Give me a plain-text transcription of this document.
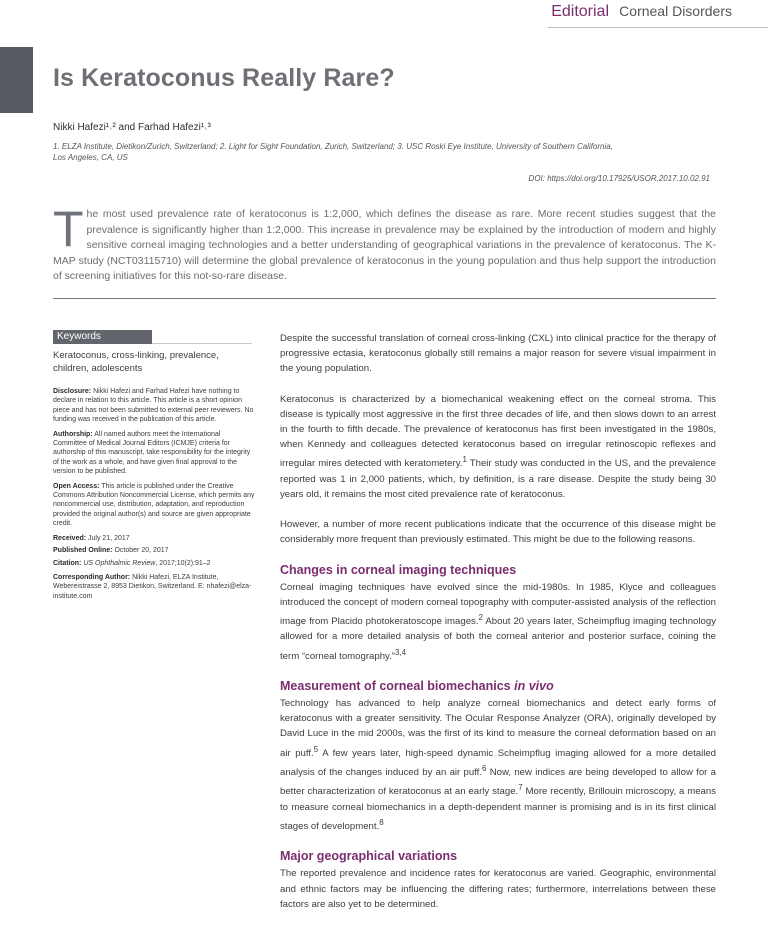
Editorial Corneal Disorders
Is Keratoconus Really Rare?
Nikki Hafezi¹˒² and Farhad Hafezi¹˒³
1. ELZA Institute, Dietikon/Zurich, Switzerland; 2. Light for Sight Foundation, Zurich, Switzerland; 3. USC Roski Eye Institute, University of Southern California, Los Angeles, CA, US
DOI: https://doi.org/10.17925/USOR.2017.10.02.91

The most used prevalence rate of keratoconus is 1:2,000, which defines the disease as rare. More recent studies suggest that the prevalence is significantly higher than 1:2,000. This increase in prevalence may be explained by the introduction of modern and highly sensitive corneal imaging technologies and a better understanding of geographical variations in the prevalence of keratoconus. The K-MAP study (NCT03115710) will determine the global prevalence of keratoconus in the young population and thus help support the introduction of screening initiatives for this not-so-rare disease.

Keywords
Keratoconus, cross-linking, prevalence, children, adolescents

Disclosure: Nikki Hafezi and Farhad Hafezi have nothing to declare in relation to this article. This article is a short opinion piece and has not been submitted to external peer reviewers. No funding was received in the publication of this article.

Authorship: All named authors meet the International Committee of Medical Journal Editors (ICMJE) criteria for authorship of this manuscript, take responsibility for the integrity of the work as a whole, and have given final approval to the version to be published.

Open Access: This article is published under the Creative Commons Attribution Noncommercial License, which permits any noncommercial use, distribution, adaptation, and reproduction provided the original author(s) and source are given appropriate credit.

Received: July 21, 2017

Published Online: October 20, 2017

Citation: US Ophthalmic Review, 2017;10(2):91–2

Corresponding Author: Nikki Hafezi, ELZA Institute, Webereistrasse 2, 8953 Dietikon, Switzerland. E: nhafezi@elza-institute.com

Despite the successful translation of corneal cross-linking (CXL) into clinical practice for the therapy of progressive ectasia, keratoconus globally still remains a major reason for severe visual impairment in the young population.

Keratoconus is characterized by a biomechanical weakening effect on the corneal stroma. This disease is typically most aggressive in the first three decades of life, and then slows down to an arrest in the fourth to fifth decade. The prevalence of keratoconus has first been investigated in the 1980s, when Kennedy and colleagues detected keratoconus based on irregular retinoscopic reflexes and irregular mires detected with keratometery.$^1$ Their study was conducted in the US, and the prevalence reported was 1 in 2,000 patients, which, by definition, is a rare disease. Despite the study being 30 years old, it remains the most cited prevalence rate of keratoconus.

However, a number of more recent publications indicate that the occurrence of this disease might be considerably more frequent than previously estimated. This might be due to the following reasons.

Changes in corneal imaging techniques

Corneal imaging techniques have evolved since the mid-1980s. In 1985, Klyce and colleagues introduced the concept of modern corneal topography with computer-assisted analysis of the reflection image from Placido photokeratoscope images.$^2$ About 20 years later, Scheimpflug imaging technology allowed for a more detailed analysis of both the corneal anterior and posterior surface, coining the term “corneal tomography.”$^{3,4}$

Measurement of corneal biomechanics in vivo

Technology has advanced to help analyze corneal biomechanics and detect early forms of keratoconus with a greater sensitivity. The Ocular Response Analyzer (ORA), originally developed by David Luce in the mid 2000s, was the first of its kind to measure the corneal deformation based on an air puff.$^5$ A few years later, high-speed dynamic Scheimpflug imaging allowed for a more detailed analysis of the changes induced by an air puff.$^6$ Now, new indices are being developed to allow for a better characterization of keratoconus at an early stage.$^7$ More recently, Brillouin microscopy, a means to measure corneal biomechanics in a depth-dependent manner is promising and is in its first clinical stages of development.$^8$

Major geographical variations

The reported prevalence and incidence rates for keratoconus are varied. Geographic, environmental and ethnic factors may be influencing the differing rates; furthermore, interrelations between these factors are also yet to be determined.
